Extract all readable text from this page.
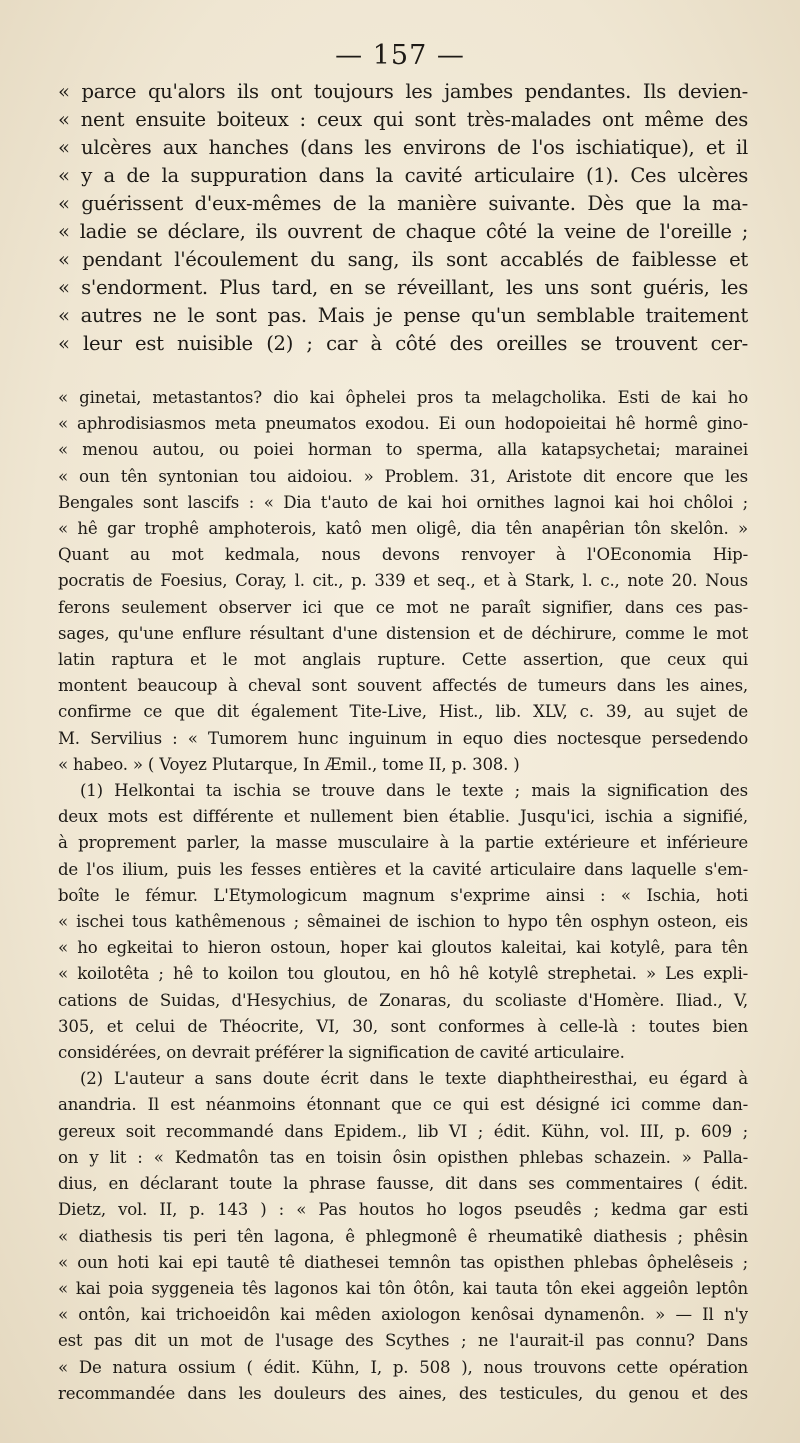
— 157 —
« parce qu'alors ils ont toujours les jambes pendantes. Ils devien-
« nent ensuite boiteux : ceux qui sont très-malades ont même des
« ulcères aux hanches (dans les environs de l'os ischiatique), et il
« y a de la suppuration dans la cavité articulaire (1). Ces ulcères
« guérissent d'eux-mêmes de la manière suivante. Dès que la ma-
« ladie se déclare, ils ouvrent de chaque côté la veine de l'oreille ;
« pendant l'écoulement du sang, ils sont accablés de faiblesse et
« s'endorment. Plus tard, en se réveillant, les uns sont guéris, les
« autres ne le sont pas. Mais je pense qu'un semblable traitement
« leur est nuisible (2) ; car à côté des oreilles se trouvent cer-
« ginetai, metastantos? dio kai ôphelei pros ta melagcholika. Esti de kai ho
« aphrodisiasmos meta pneumatos exodou. Ei oun hodopoieitai hê hormê gino-
« menou autou, ou poiei horman to sperma, alla katapsychetai; marainei
« oun tên syntonian tou aidoiou. » Problem. 31, Aristote dit encore que les
Bengales sont lascifs : « Dia t'auto de kai hoi ornithes lagnoi kai hoi chôloi ;
« hê gar trophê amphoterois, katô men oligê, dia tên anapêrian tôn skelôn. »
Quant au mot kedmala, nous devons renvoyer à l'OEconomia Hip-
pocratis de Foesius, Coray, l. cit., p. 339 et seq., et à Stark, l. c., note 20. Nous
ferons seulement observer ici que ce mot ne paraît signifier, dans ces pas-
sages, qu'une enflure résultant d'une distension et de déchirure, comme le mot
latin raptura et le mot anglais rupture. Cette assertion, que ceux qui
montent beaucoup à cheval sont souvent affectés de tumeurs dans les aines,
confirme ce que dit également Tite-Live, Hist., lib. XLV, c. 39, au sujet de
M. Servilius : « Tumorem hunc inguinum in equo dies noctesque persedendo
« habeo. » ( Voyez Plutarque, In Æmil., tome II, p. 308. )
(1) Helkontai ta ischia se trouve dans le texte ; mais la signification des
deux mots est différente et nullement bien établie. Jusqu'ici, ischia a signifié,
à proprement parler, la masse musculaire à la partie extérieure et inférieure
de l'os ilium, puis les fesses entières et la cavité articulaire dans laquelle s'em-
boîte le fémur. L'Etymologicum magnum s'exprime ainsi : « Ischia, hoti
« ischei tous kathêmenous ; sêmainei de ischion to hypo tên osphyn osteon, eis
« ho egkeitai to hieron ostoun, hoper kai gloutos kaleitai, kai kotylê, para tên
« koilotêta ; hê to koilon tou gloutou, en hô hê kotylê strephetai. » Les expli-
cations de Suidas, d'Hesychius, de Zonaras, du scoliaste d'Homère. Iliad., V,
305, et celui de Théocrite, VI, 30, sont conformes à celle-là : toutes bien
considérées, on devrait préférer la signification de cavité articulaire.
(2) L'auteur a sans doute écrit dans le texte diaphtheiresthai, eu égard à
anandria. Il est néanmoins étonnant que ce qui est désigné ici comme dan-
gereux soit recommandé dans Epidem., lib VI ; édit. Kühn, vol. III, p. 609 ;
on y lit : « Kedmatôn tas en toisin ôsin opisthen phlebas schazein. » Palla-
dius, en déclarant toute la phrase fausse, dit dans ses commentaires ( édit.
Dietz, vol. II, p. 143 ) : « Pas houtos ho logos pseudês ; kedma gar esti
« diathesis tis peri tên lagona, ê phlegmonê ê rheumatikê diathesis ; phêsin
« oun hoti kai epi tautê tê diathesei temnôn tas opisthen phlebas ôphelêseis ;
« kai poia syggeneia tês lagonos kai tôn ôtôn, kai tauta tôn ekei aggeiôn leptôn
« ontôn, kai trichoeidôn kai mêden axiologon kenôsai dynamenôn. » — Il n'y
est pas dit un mot de l'usage des Scythes ; ne l'aurait-il pas connu? Dans
« De natura ossium ( édit. Kühn, I, p. 508 ), nous trouvons cette opération
recommandée dans les douleurs des aines, des testicules, du genou et des
